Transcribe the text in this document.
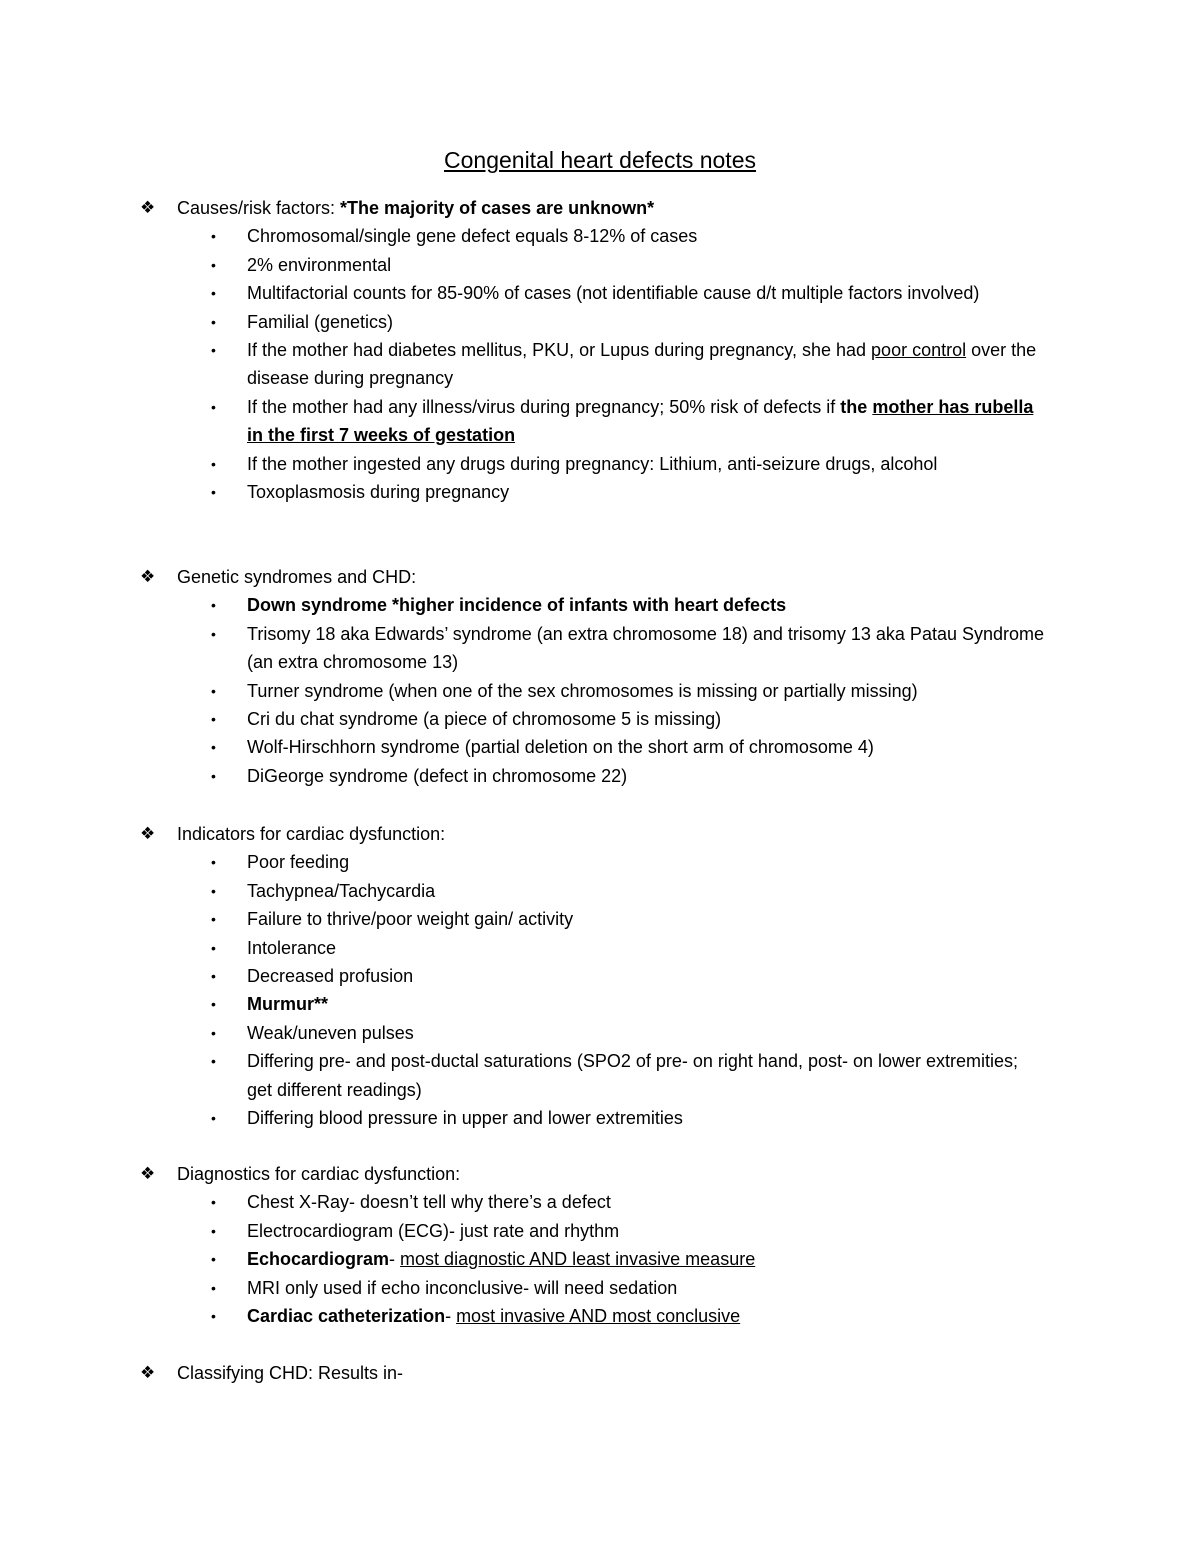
Congenital heart defects notes
❖ Causes/risk factors: *The majority of cases are unknown*
• Chromosomal/single gene defect equals 8-12% of cases
• 2% environmental
• Multifactorial counts for 85-90% of cases (not identifiable cause d/t multiple factors involved)
• Familial (genetics)
• If the mother had diabetes mellitus, PKU, or Lupus during pregnancy, she had poor control over the disease during pregnancy
• If the mother had any illness/virus during pregnancy; 50% risk of defects if the mother has rubella in the first 7 weeks of gestation
• If the mother ingested any drugs during pregnancy: Lithium, anti-seizure drugs, alcohol
• Toxoplasmosis during pregnancy
❖ Genetic syndromes and CHD:
• Down syndrome *higher incidence of infants with heart defects
• Trisomy 18 aka Edwards’ syndrome (an extra chromosome 18) and trisomy 13 aka Patau Syndrome (an extra chromosome 13)
• Turner syndrome (when one of the sex chromosomes is missing or partially missing)
• Cri du chat syndrome (a piece of chromosome 5 is missing)
• Wolf-Hirschhorn syndrome (partial deletion on the short arm of chromosome 4)
• DiGeorge syndrome (defect in chromosome 22)
❖ Indicators for cardiac dysfunction:
• Poor feeding
• Tachypnea/Tachycardia
• Failure to thrive/poor weight gain/ activity
• Intolerance
• Decreased profusion
• Murmur**
• Weak/uneven pulses
• Differing pre- and post-ductal saturations (SPO2 of pre- on right hand, post- on lower extremities; get different readings)
• Differing blood pressure in upper and lower extremities
❖ Diagnostics for cardiac dysfunction:
• Chest X-Ray- doesn’t tell why there’s a defect
• Electrocardiogram (ECG)- just rate and rhythm
• Echocardiogram- most diagnostic AND least invasive measure
• MRI only used if echo inconclusive- will need sedation
• Cardiac catheterization- most invasive AND most conclusive
❖ Classifying CHD: Results in-
